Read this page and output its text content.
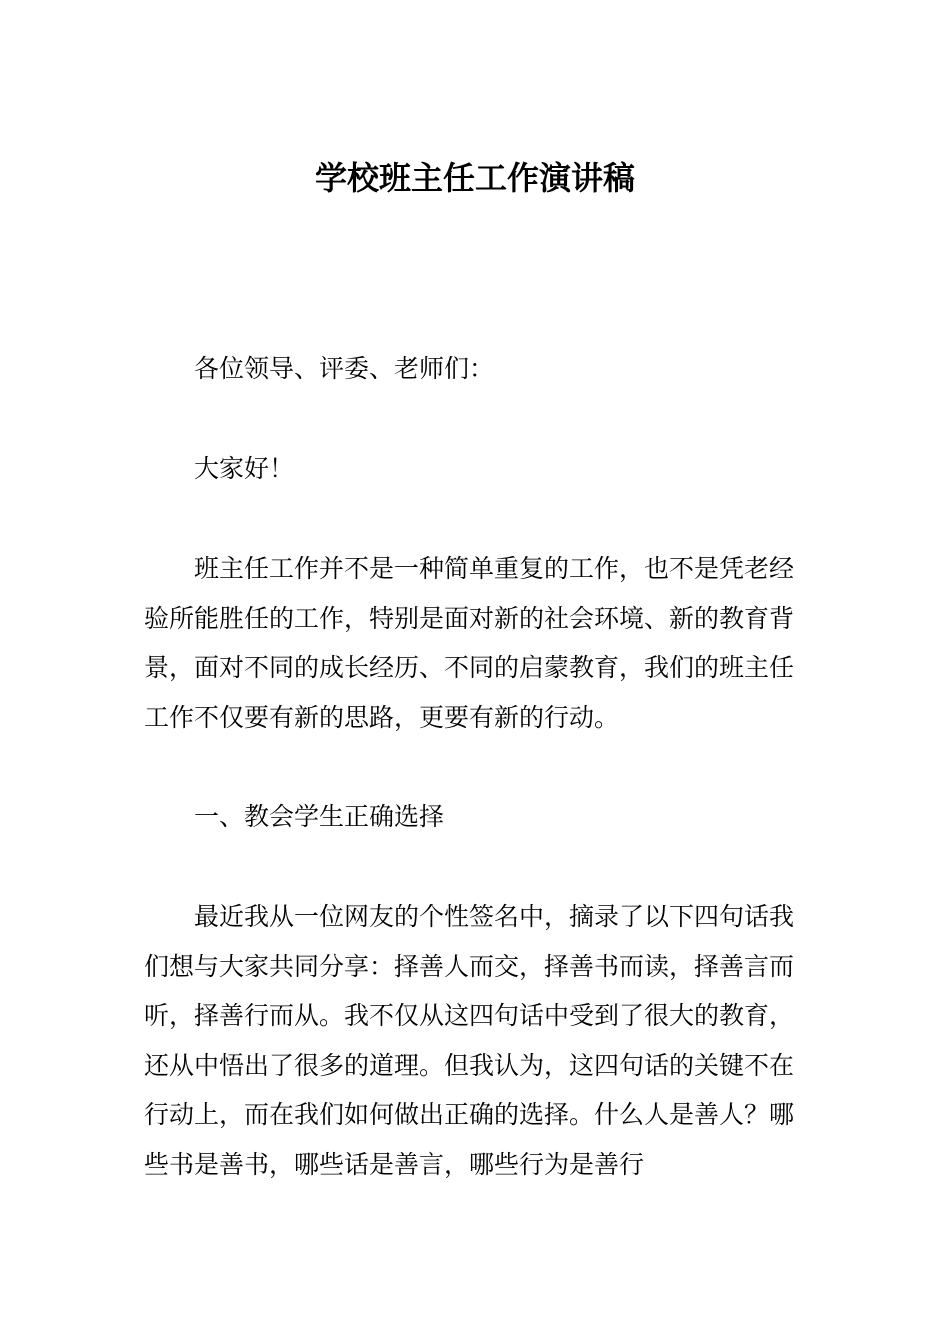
学校班主任工作演讲稿

各位领导、评委、老师们：

大家好！

班主任工作并不是一种简单重复的工作，也不是凭老经验所能胜任的工作，特别是面对新的社会环境、新的教育背景，面对不同的成长经历、不同的启蒙教育，我们的班主任工作不仅要有新的思路，更要有新的行动。

一、教会学生正确选择

最近我从一位网友的个性签名中，摘录了以下四句话我们想与大家共同分享：择善人而交，择善书而读，择善言而听，择善行而从。我不仅从这四句话中受到了很大的教育，还从中悟出了很多的道理。但我认为，这四句话的关键不在行动上，而在我们如何做出正确的选择。什么人是善人？哪些书是善书，哪些话是善言，哪些行为是善行
